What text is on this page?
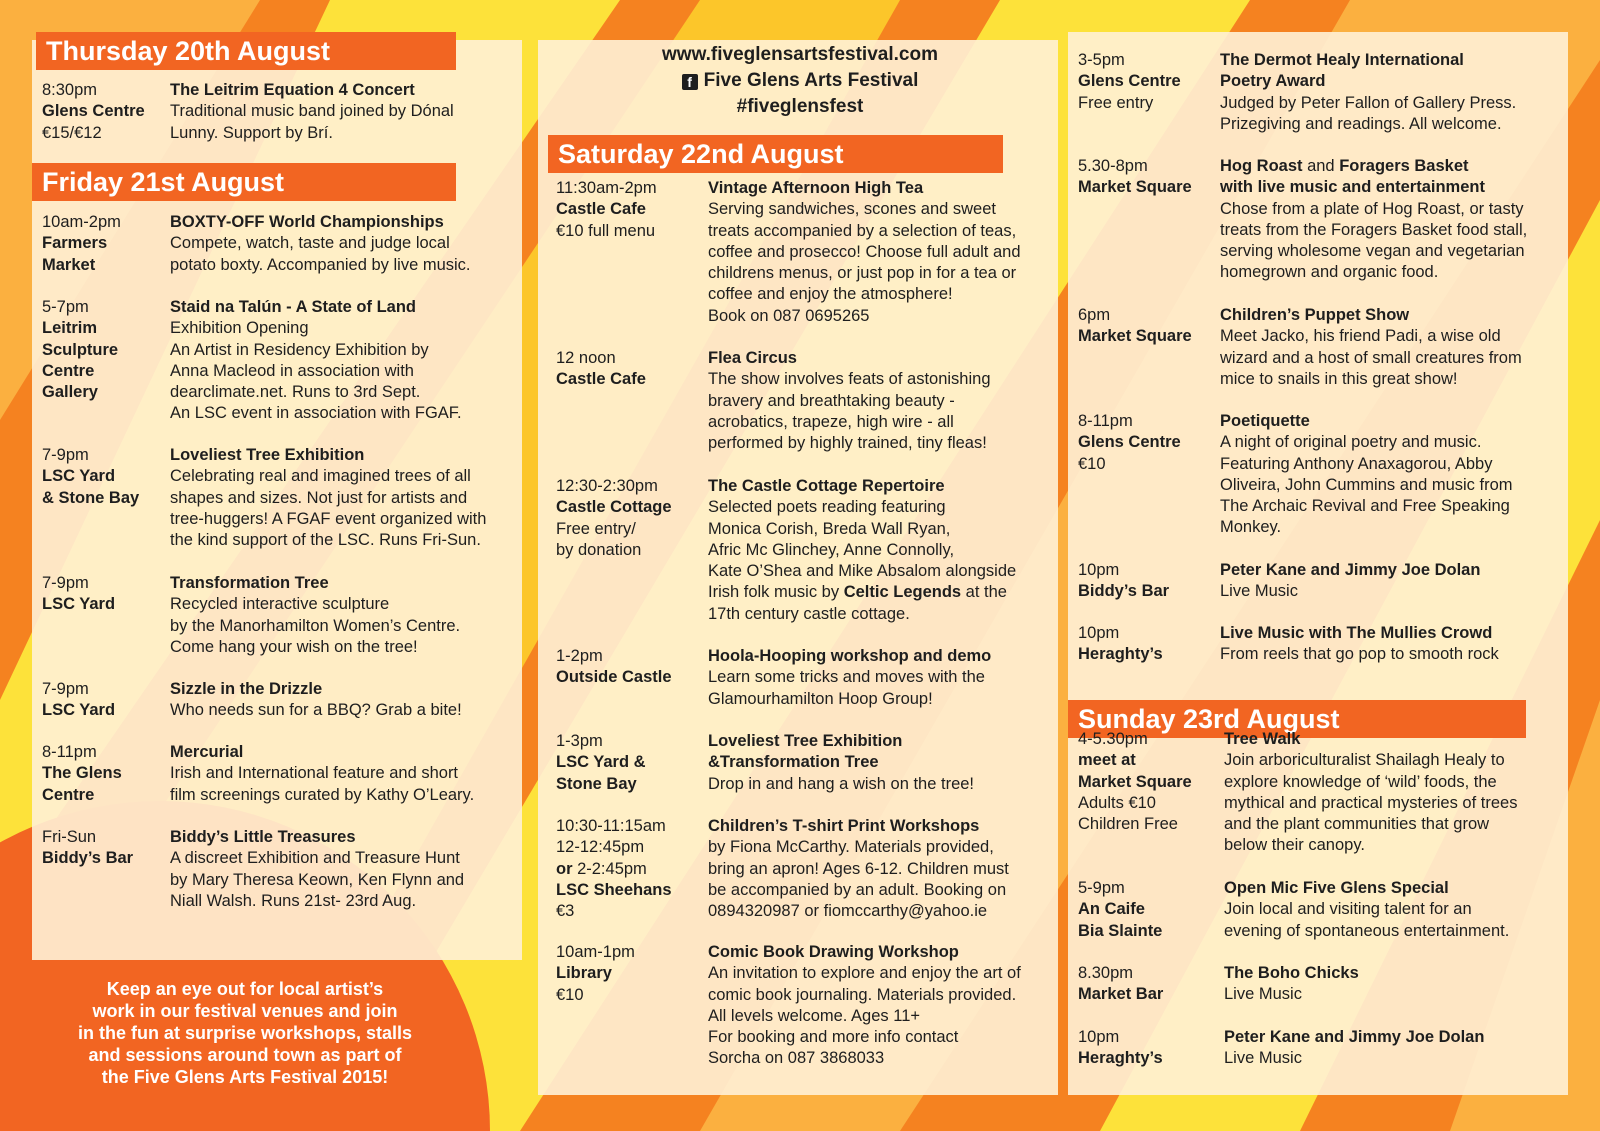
www.fiveglensartsfestival.com
f Five Glens Arts Festival
#fiveglensfest
Thursday 20th August
Friday 21st August
Saturday 22nd August
Sunday 23rd August
8:30pm
Glens Centre
€15/€12
The Leitrim Equation 4 Concert
Traditional music band joined by Dónal
Lunny. Support by Brí.
10am-2pm
Farmers
Market
BOXTY-OFF World Championships
Compete, watch, taste and judge local
potato boxty. Accompanied by live music.
5-7pm
Leitrim
Sculpture
Centre
Gallery
Staid na Talún - A State of Land
Exhibition Opening
An Artist in Residency Exhibition by
Anna Macleod in association with
dearclimate.net. Runs to 3rd Sept.
An LSC event in association with FGAF.
7-9pm
LSC Yard
& Stone Bay
Loveliest Tree Exhibition
Celebrating real and imagined trees of all
shapes and sizes. Not just for artists and
tree-huggers! A FGAF event organized with
the kind support of the LSC. Runs Fri-Sun.
7-9pm
LSC Yard
Transformation Tree
Recycled interactive sculpture
by the Manorhamilton Women’s Centre.
Come hang your wish on the tree!
7-9pm
LSC Yard
Sizzle in the Drizzle
Who needs sun for a BBQ? Grab a bite!
8-11pm
The Glens
Centre
Mercurial
Irish and International feature and short
film screenings curated by Kathy O’Leary.
Fri-Sun
Biddy’s Bar
Biddy’s Little Treasures
A discreet Exhibition and Treasure Hunt
by Mary Theresa Keown, Ken Flynn and
Niall Walsh. Runs 21st- 23rd Aug.
11:30am-2pm
Castle Cafe
€10 full menu
Vintage Afternoon High Tea
Serving sandwiches, scones and sweet
treats accompanied by a selection of teas,
coffee and prosecco! Choose full adult and
childrens menus, or just pop in for a tea or
coffee and enjoy the atmosphere!
Book on 087 0695265
12 noon
Castle Cafe
Flea Circus
The show involves feats of astonishing
bravery and breathtaking beauty -
acrobatics, trapeze, high wire - all
performed by highly trained, tiny fleas!
12:30-2:30pm
Castle Cottage
Free entry/
by donation
The Castle Cottage Repertoire
Selected poets reading featuring
Monica Corish, Breda Wall Ryan,
Afric Mc Glinchey, Anne Connolly,
Kate O’Shea and Mike Absalom alongside
Irish folk music by Celtic Legends at the
17th century castle cottage.
1-2pm
Outside Castle
Hoola-Hooping workshop and demo
Learn some tricks and moves with the
Glamourhamilton Hoop Group!
1-3pm
LSC Yard &
Stone Bay
Loveliest Tree Exhibition
&Transformation Tree
Drop in and hang a wish on the tree!
10:30-11:15am
12-12:45pm
or 2-2:45pm
LSC Sheehans
€3
Children’s T-shirt Print Workshops
by Fiona McCarthy. Materials provided,
bring an apron! Ages 6-12. Children must
be accompanied by an adult. Booking on
0894320987 or fiomccarthy@yahoo.ie
10am-1pm
Library
€10
Comic Book Drawing Workshop
An invitation to explore and enjoy the art of
comic book journaling. Materials provided.
All levels welcome. Ages 11+
For booking and more info contact
Sorcha on 087 3868033
3-5pm
Glens Centre
Free entry
The Dermot Healy International
Poetry Award
Judged by Peter Fallon of Gallery Press.
Prizegiving and readings. All welcome.
5.30-8pm
Market Square
Hog Roast and Foragers Basket
with live music and entertainment
Chose from a plate of Hog Roast, or tasty
treats from the Foragers Basket food stall,
serving wholesome vegan and vegetarian
homegrown and organic food.
6pm
Market Square
Children’s Puppet Show
Meet Jacko, his friend Padi, a wise old
wizard and a host of small creatures from
mice to snails in this great show!
8-11pm
Glens Centre
€10
Poetiquette
A night of original poetry and music.
Featuring Anthony Anaxagorou, Abby
Oliveira, John Cummins and music from
The Archaic Revival and Free Speaking
Monkey.
10pm
Biddy’s Bar
Peter Kane and Jimmy Joe Dolan
Live Music
10pm
Heraghty’s
Live Music with The Mullies Crowd
From reels that go pop to smooth rock
4-5.30pm
meet at
Market Square
Adults €10
Children Free
Tree Walk
Join arboriculturalist Shailagh Healy to
explore knowledge of ‘wild’ foods, the
mythical and practical mysteries of trees
and the plant communities that grow
below their canopy.
5-9pm
An Caife
Bia Slainte
Open Mic Five Glens Special
Join local and visiting talent for an
evening of spontaneous entertainment.
8.30pm
Market Bar
The Boho Chicks
Live Music
10pm
Heraghty’s
Peter Kane and Jimmy Joe Dolan
Live Music
Keep an eye out for local artist’s
work in our festival venues and join
in the fun at surprise workshops, stalls
and sessions around town as part of
the Five Glens Arts Festival 2015!
